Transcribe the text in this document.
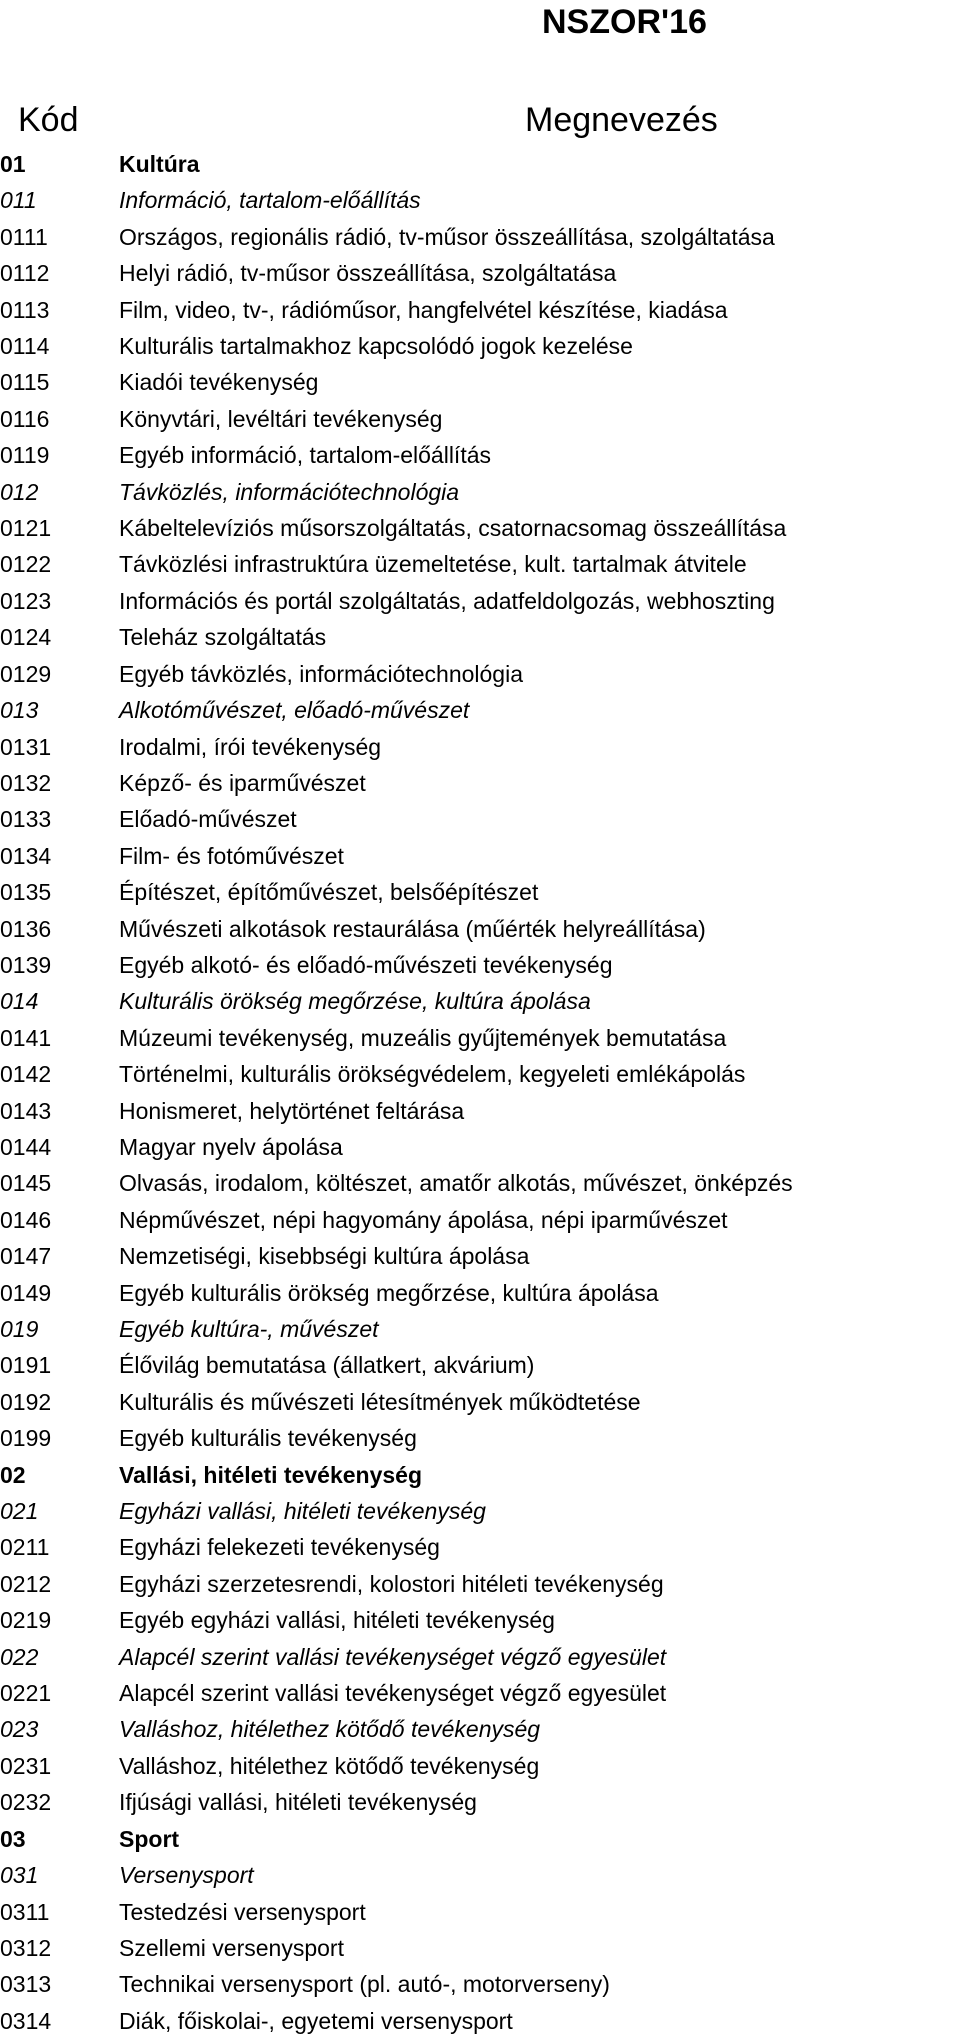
NSZOR'16
Kód	Megnevezés
01	Kultúra
011	Információ, tartalom-előállítás
0111	Országos, regionális rádió, tv-műsor összeállítása, szolgáltatása
0112	Helyi rádió, tv-műsor összeállítása, szolgáltatása
0113	Film, video, tv-, rádióműsor, hangfelvétel készítése, kiadása
0114	Kulturális tartalmakhoz kapcsolódó jogok kezelése
0115	Kiadói tevékenység
0116	Könyvtári, levéltári tevékenység
0119	Egyéb információ, tartalom-előállítás
012	Távközlés, információtechnológia
0121	Kábeltelevíziós műsorszolgáltatás, csatornacsomag összeállítása
0122	Távközlési infrastruktúra üzemeltetése, kult. tartalmak átvitele
0123	Információs és portál szolgáltatás, adatfeldolgozás, webhoszting
0124	Teleház szolgáltatás
0129	Egyéb távközlés, információtechnológia
013	Alkotóművészet, előadó-művészet
0131	Irodalmi, írói tevékenység
0132	Képző- és iparművészet
0133	Előadó-művészet
0134	Film- és fotóművészet
0135	Építészet, építőművészet, belsőépítészet
0136	Művészeti alkotások restaurálása (műérték helyreállítása)
0139	Egyéb alkotó- és előadó-művészeti tevékenység
014	Kulturális örökség megőrzése, kultúra ápolása
0141	Múzeumi tevékenység, muzeális gyűjtemények bemutatása
0142	Történelmi, kulturális örökségvédelem, kegyeleti emlékápolás
0143	Honismeret, helytörténet feltárása
0144	Magyar nyelv ápolása
0145	Olvasás, irodalom, költészet, amatőr alkotás, művészet, önképzés
0146	Népművészet, népi hagyomány ápolása, népi iparművészet
0147	Nemzetiségi, kisebbségi kultúra ápolása
0149	Egyéb kulturális örökség megőrzése, kultúra ápolása
019	Egyéb kultúra-, művészet
0191	Élővilág bemutatása (állatkert, akvárium)
0192	Kulturális és művészeti létesítmények működtetése
0199	Egyéb kulturális tevékenység
02	Vallási, hitéleti tevékenység
021	Egyházi vallási, hitéleti tevékenység
0211	Egyházi felekezeti tevékenység
0212	Egyházi szerzetesrendi, kolostori hitéleti tevékenység
0219	Egyéb egyházi vallási, hitéleti tevékenység
022	Alapcél szerint vallási tevékenységet végző egyesület
0221	Alapcél szerint vallási tevékenységet végző egyesület
023	Valláshoz, hitélethez kötődő tevékenység
0231	Valláshoz, hitélethez kötődő tevékenység
0232	Ifjúsági vallási, hitéleti tevékenység
03	Sport
031	Versenysport
0311	Testedzési versenysport
0312	Szellemi versenysport
0313	Technikai versenysport (pl. autó-, motorverseny)
0314	Diák, főiskolai-, egyetemi versenysport
